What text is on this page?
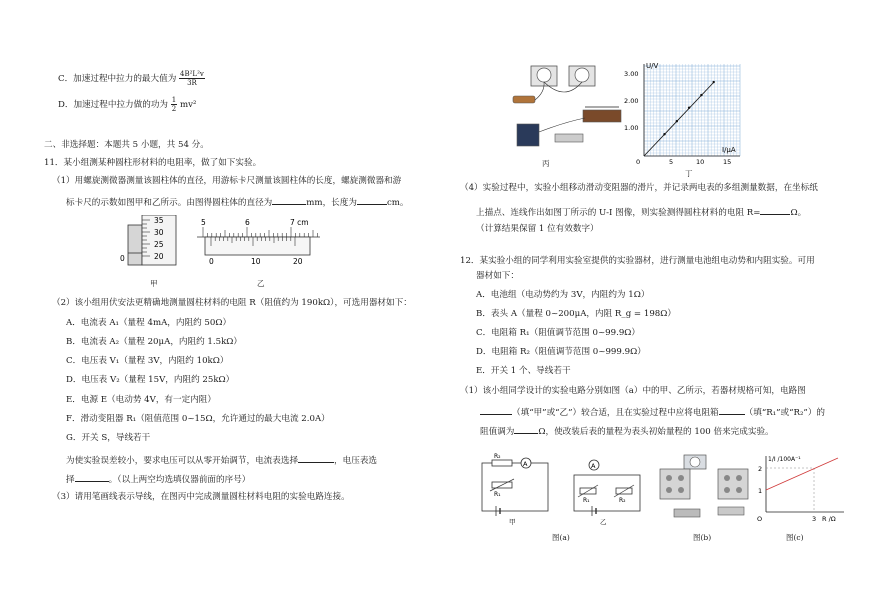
C．加速过程中拉力的最大值为 $\frac{\text{4B²L²v}}{3R}$
D．加速过程中拉力做的功为 $\frac{1}{2} mv^2$
二、非选择题：本题共 5 小题，共 54 分。
11．某小组测某种圆柱形材料的电阻率，做了如下实验。
（1）用螺旋测微器测量该圆柱体的直径，用游标卡尺测量该圆柱体的长度，螺旋测微器和游
标卡尺的示数如图甲和乙所示。由图得圆柱体的直径为	mm，长度为	cm。
35
30
25
20
0
甲
5	6	7 cm
0	10	20
乙
（2）该小组用伏安法更精确地测量圆柱材料的电阻 R（阻值约为 190kΩ），可选用器材如下：
A．电流表 A₁（量程 4mA，内阻约 50Ω）
B．电流表 A₂（量程 20μA，内阻约 1.5kΩ）
C．电压表 V₁（量程 3V，内阻约 10kΩ）
D．电压表 V₂（量程 15V，内阻约 25kΩ）
E．电源 E（电动势 4V，有一定内阻）
F．滑动变阻器 R₁（阻值范围 0~15Ω，允许通过的最大电流 2.0A）
G．开关 S，导线若干
为使实验误差较小，要求电压可以从零开始调节，电流表选择	，电压表选
择	。（以上两空均选填仪器前面的序号）
（3）请用笔画线表示导线，在图丙中完成测量圆柱材料电阻的实验电路连接。
丙
U/V
I/μA
3.00
2.00
1.00
5	10	15
0
丁
（4）实验过程中，实验小组移动滑动变阻器的滑片，并记录两电表的多组测量数据，在坐标纸
上描点、连线作出如图丁所示的 U-I 图像，则实验测得圆柱材料的电阻 R=	Ω。
（计算结果保留 1 位有效数字）
12．某实验小组的同学利用实验室提供的实验器材，进行测量电池组电动势和内阻实验。可用
器材如下：
A．电池组（电动势约为 3V，内阻约为 1Ω）
B．表头 A（量程 0~200μA，内阻 R_g = 198Ω）
C．电阻箱 R₁（阻值调节范围 0~99.9Ω）
D．电阻箱 R₂（阻值调节范围 0~999.9Ω）
E．开关 1 个、导线若干
（1）该小组同学设计的实验电路分别如图（a）中的甲、乙所示，若器材规格可知，电路图
（填“甲”或“乙”）较合适，且在实验过程中应将电阻箱	（填“R₁”或“R₂”）的
阻值调为	Ω，使改装后表的量程为表头初始量程的 100 倍来完成实验。
A
R₂
R₁
甲
A
R₁	R₂
乙
图(a)	图(b)
1/I /100A⁻¹
R /Ω
2
1
3
O
图(c)
